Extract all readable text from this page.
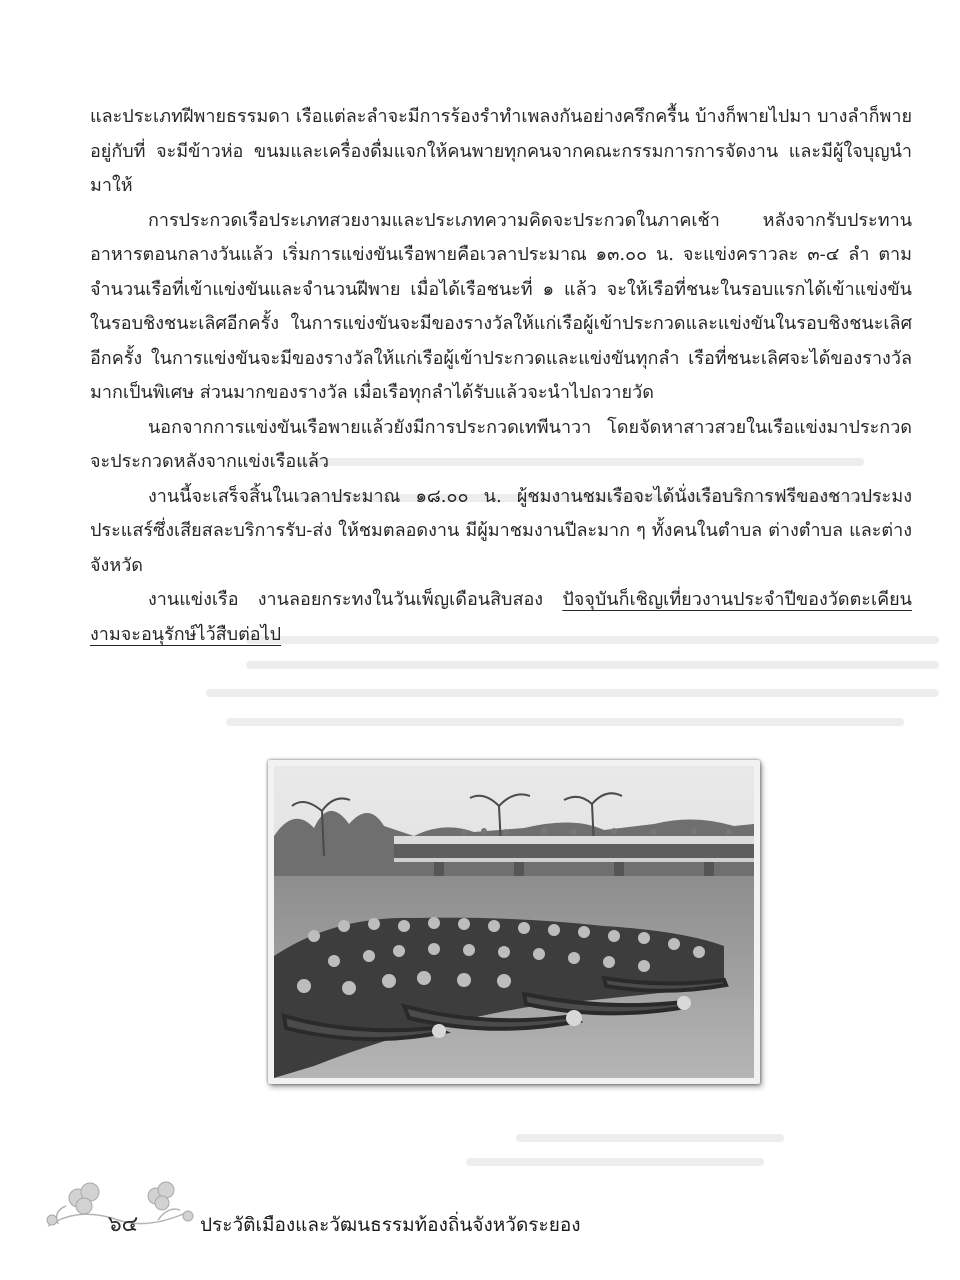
และประเภทฝีพายธรรมดา เรือแต่ละลำจะมีการร้องรำทำเพลงกันอย่างครึกครื้น บ้างก็พายไปมา บางลำก็พายอยู่กับที่ จะมีข้าวห่อ ขนมและเครื่องดื่มแจกให้คนพายทุกคนจากคณะกรรมการการจัดงาน และมีผู้ใจบุญนำมาให้

การประกวดเรือประเภทสวยงามและประเภทความคิดจะประกวดในภาคเช้า หลังจากรับประทานอาหารตอนกลางวันแล้ว เริ่มการแข่งขันเรือพายคือเวลาประมาณ ๑๓.๐๐ น. จะแข่งคราวละ ๓-๔ ลำ ตามจำนวนเรือที่เข้าแข่งขันและจำนวนฝีพาย เมื่อได้เรือชนะที่ ๑ แล้ว จะให้เรือที่ชนะในรอบแรกได้เข้าแข่งขันในรอบชิงชนะเลิศอีกครั้ง ในการแข่งขันจะมีของรางวัลให้แก่เรือผู้เข้าประกวดและแข่งขันในรอบชิงชนะเลิศอีกครั้ง ในการแข่งขันจะมีของรางวัลให้แก่เรือผู้เข้าประกวดและแข่งขันทุกลำ เรือที่ชนะเลิศจะได้ของรางวัลมากเป็นพิเศษ ส่วนมากของรางวัล เมื่อเรือทุกลำได้รับแล้วจะนำไปถวายวัด

นอกจากการแข่งขันเรือพายแล้วยังมีการประกวดเทพีนาวา โดยจัดหาสาวสวยในเรือแข่งมาประกวดจะประกวดหลังจากแข่งเรือแล้ว

งานนี้จะเสร็จสิ้นในเวลาประมาณ ๑๘.๐๐ น. ผู้ชมงานชมเรือจะได้นั่งเรือบริการฟรีของชาวประมงประแสร์ซึ่งเสียสละบริการรับ-ส่ง ให้ชมตลอดงาน มีผู้มาชมงานปีละมาก ๆ ทั้งคนในตำบล ต่างตำบล และต่างจังหวัด

งานแข่งเรือ งานลอยกระทงในวันเพ็ญเดือนสิบสอง ปัจจุบันก็เชิญเที่ยวงานประจำปีของวัดตะเคียนงามจะอนุรักษ์ไว้สืบต่อไป

๖๔	ประวัติเมืองและวัฒนธรรมท้องถิ่นจังหวัดระยอง
